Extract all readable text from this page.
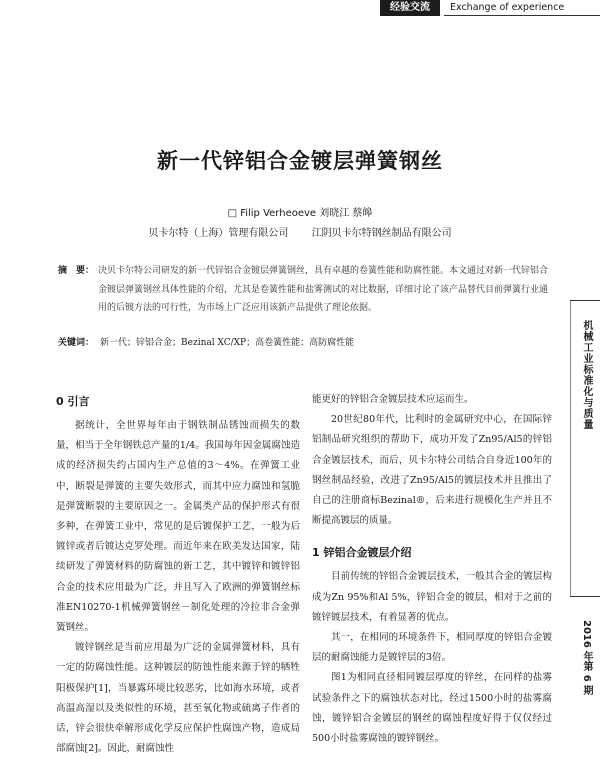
经验交流	Exchange of experience
新一代锌铝合金镀层弹簧钢丝
□ Filip Verheoeve 刘晓江 蔡皞
贝卡尔特（上海）管理有限公司 江阴贝卡尔特钢丝制品有限公司
摘　要： 决贝卡尔特公司研发的新一代锌铝合金镀层弹簧钢丝，具有卓越的卷簧性能和防腐性能。本文通过对新一代锌铝合金镀层弹簧钢丝具体性能的介绍，尤其是卷簧性能和盐雾测试的对比数据，详细讨论了该产品替代目前弹簧行业通用的后镀方法的可行性，为市场上广泛应用该新产品提供了理论依据。
关键词： 新一代；锌铝合金；Bezinal XC/XP；高卷簧性能；高防腐性能
0 引言

据统计，全世界每年由于钢铁制品锈蚀而损失的数量，相当于全年钢铁总产量的1/4。我国每年因金属腐蚀造成的经济损失约占国内生产总值的3～4%。在弹簧工业中，断裂是弹簧的主要失效形式，而其中应力腐蚀和氢脆是弹簧断裂的主要原因之一。金属类产品的保护形式有很多种，在弹簧工业中，常见的是后镀保护工艺，一般为后镀锌或者后镀达克罗处理。而近年来在欧美发达国家，陆续研发了弹簧材料的防腐蚀的新工艺，其中镀锌和镀锌铝合金的技术应用最为广泛，并且写入了欧洲的弹簧钢丝标准EN10270-1机械弹簧钢丝－制化处理的冷拉非合金弹簧钢丝。

镀锌钢丝是当前应用最为广泛的金属弹簧材料，具有一定的防腐蚀性能。这种镀层的防蚀性能来源于锌的牺牲阳极保护[1]，当暴露环境比较恶劣，比如海水环境，或者高温高湿以及类似性的环境，甚至氧化物或硫离子作者的话，锌会很快牵解形成化学反应保护性腐蚀产物，造成局部腐蚀[2]。因此，耐腐蚀性

能更好的锌铝合金镀层技术应运而生。

20世纪80年代，比利时的金属研究中心，在国际锌铝制品研究组织的帮助下，成功开发了Zn95/Al5的锌铝合金镀层技术，而后，贝卡尔特公司结合自身近100年的钢丝制品经验，改进了Zn95/Al5的镀层技术并且推出了自己的注册商标Bezinal®，后来进行规模化生产并且不断提高镀层的质量。

1 锌铝合金镀层介绍

目前传统的锌铝合金镀层技术，一般其合金的镀层构成为Zn 95%和Al 5%，锌铝合金的镀层，相对于之前的镀锌镀层技术，有着显著的优点。

其一，在相同的环境条件下，相同厚度的锌铝合金镀层的耐腐蚀能力是镀锌层的3倍。

图1为相同直径相同镀层厚度的锌丝，在同样的盐雾试验条件之下的腐蚀状态对比，经过1500小时的盐雾腐蚀，镀锌铝合金镀层的钢丝的腐蚀程度好得于仅仅经过500小时盐雾腐蚀的镀锌钢丝。

机械工业标准化与质量
2016 年第 6 期
